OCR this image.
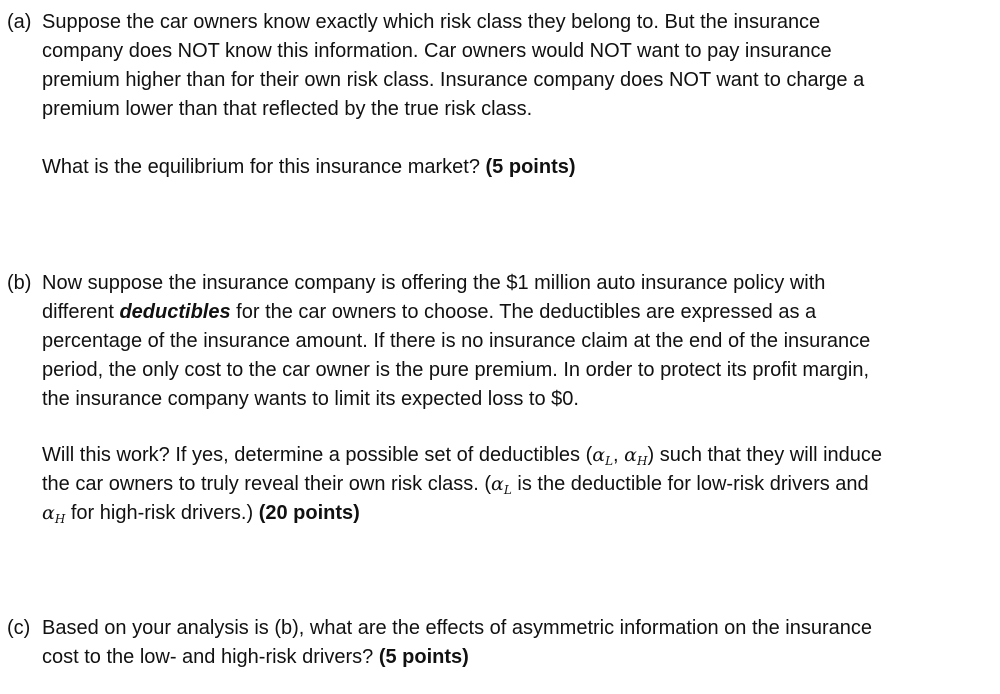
(a) Suppose the car owners know exactly which risk class they belong to. But the insurance
company does NOT know this information. Car owners would NOT want to pay insurance
premium higher than for their own risk class. Insurance company does NOT want to charge a
premium lower than that reflected by the true risk class.
What is the equilibrium for this insurance market? (5 points)
(b) Now suppose the insurance company is offering the $1 million auto insurance policy with
different deductibles for the car owners to choose. The deductibles are expressed as a
percentage of the insurance amount. If there is no insurance claim at the end of the insurance
period, the only cost to the car owner is the pure premium. In order to protect its profit margin,
the insurance company wants to limit its expected loss to $0.
Will this work? If yes, determine a possible set of deductibles ($\alpha_L$, $\alpha_H$) such that they will induce
the car owners to truly reveal their own risk class. ($\alpha_L$ is the deductible for low-risk drivers and
$\alpha_H$ for high-risk drivers.) (20 points)
(c) Based on your analysis is (b), what are the effects of asymmetric information on the insurance
cost to the low- and high-risk drivers? (5 points)
